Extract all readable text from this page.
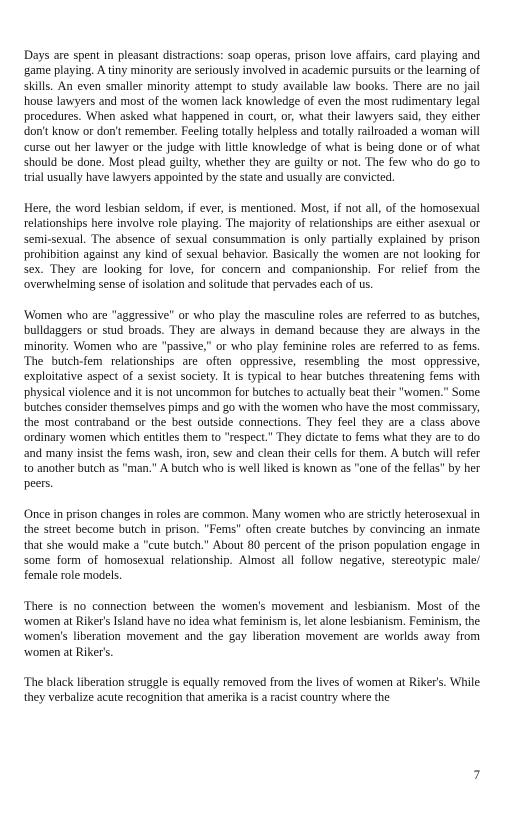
Days are spent in pleasant distractions: soap operas, prison love affairs, card playing and game playing. A tiny minority are seriously involved in academic pursuits or the learning of skills. An even smaller minority attempt to study available law books. There are no jail house lawyers and most of the women lack knowledge of even the most rudimentary legal procedures. When asked what happened in court, or, what their lawyers said, they either don't know or don't remember. Feeling totally helpless and totally railroaded a woman will curse out her lawyer or the judge with little knowledge of what is being done or of what should be done. Most plead guilty, whether they are guilty or not. The few who do go to trial usually have lawyers appointed by the state and usually are convicted.

Here, the word lesbian seldom, if ever, is mentioned. Most, if not all, of the homosexual relationships here involve role playing. The majority of relationships are either asexual or semi-sexual. The absence of sexual consummation is only partially explained by prison prohibition against any kind of sexual behavior. Basically the women are not looking for sex. They are looking for love, for concern and companionship. For relief from the overwhelming sense of isolation and solitude that pervades each of us.

Women who are "aggressive" or who play the masculine roles are referred to as butches, bulldaggers or stud broads. They are always in demand because they are always in the minority. Women who are "passive," or who play feminine roles are referred to as fems. The butch-fem relationships are often oppressive, resembling the most oppressive, exploitative aspect of a sexist society. It is typical to hear butches threatening fems with physical violence and it is not uncommon for butches to actually beat their "women." Some butches consider themselves pimps and go with the women who have the most commissary, the most contraband or the best outside connections. They feel they are a class above ordinary women which entitles them to "respect." They dictate to fems what they are to do and many insist the fems wash, iron, sew and clean their cells for them. A butch will refer to another butch as "man." A butch who is well liked is known as "one of the fellas" by her peers.

Once in prison changes in roles are common. Many women who are strictly heterosexual in the street become butch in prison. "Fems" often create butches by convincing an inmate that she would make a "cute butch." About 80 percent of the prison population engage in some form of homosexual relationship. Almost all follow negative, stereotypic male/ female role models.

There is no connection between the women's movement and lesbianism. Most of the women at Riker's Island have no idea what feminism is, let alone lesbianism. Feminism, the women's liberation movement and the gay liberation movement are worlds away from women at Riker's.

The black liberation struggle is equally removed from the lives of women at Riker's. While they verbalize acute recognition that amerika is a racist country where the

7
